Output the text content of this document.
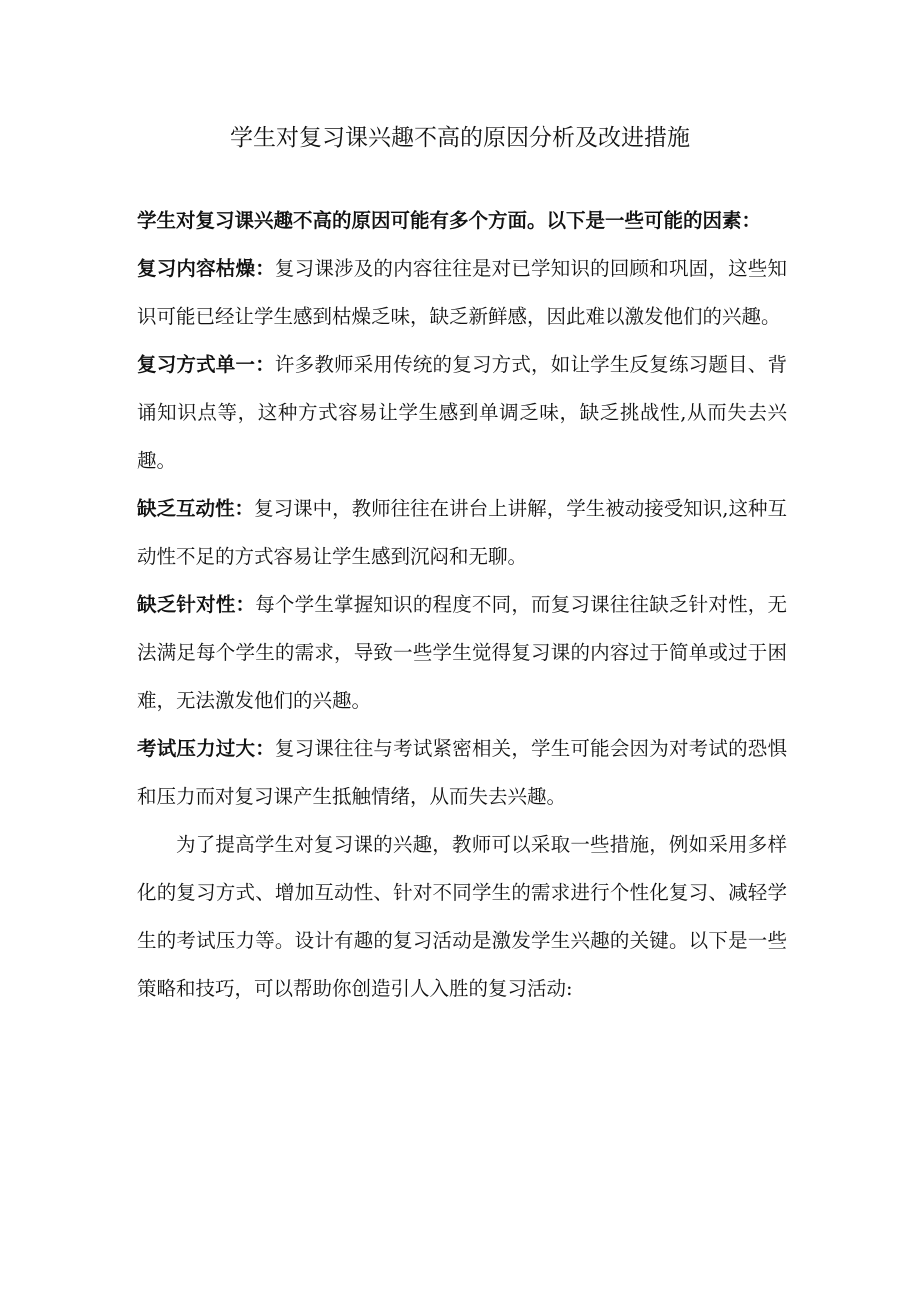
学生对复习课兴趣不高的原因分析及改进措施

学生对复习课兴趣不高的原因可能有多个方面。以下是一些可能的因素：

复习内容枯燥：复习课涉及的内容往往是对已学知识的回顾和巩固，这些知识可能已经让学生感到枯燥乏味，缺乏新鲜感，因此难以激发他们的兴趣。

复习方式单一：许多教师采用传统的复习方式，如让学生反复练习题目、背诵知识点等，这种方式容易让学生感到单调乏味，缺乏挑战性,从而失去兴趣。

缺乏互动性：复习课中，教师往往在讲台上讲解，学生被动接受知识,这种互动性不足的方式容易让学生感到沉闷和无聊。

缺乏针对性：每个学生掌握知识的程度不同，而复习课往往缺乏针对性，无法满足每个学生的需求，导致一些学生觉得复习课的内容过于简单或过于困难，无法激发他们的兴趣。

考试压力过大：复习课往往与考试紧密相关，学生可能会因为对考试的恐惧和压力而对复习课产生抵触情绪，从而失去兴趣。

为了提高学生对复习课的兴趣，教师可以采取一些措施，例如采用多样化的复习方式、增加互动性、针对不同学生的需求进行个性化复习、减轻学生的考试压力等。设计有趣的复习活动是激发学生兴趣的关键。以下是一些策略和技巧，可以帮助你创造引人入胜的复习活动:
